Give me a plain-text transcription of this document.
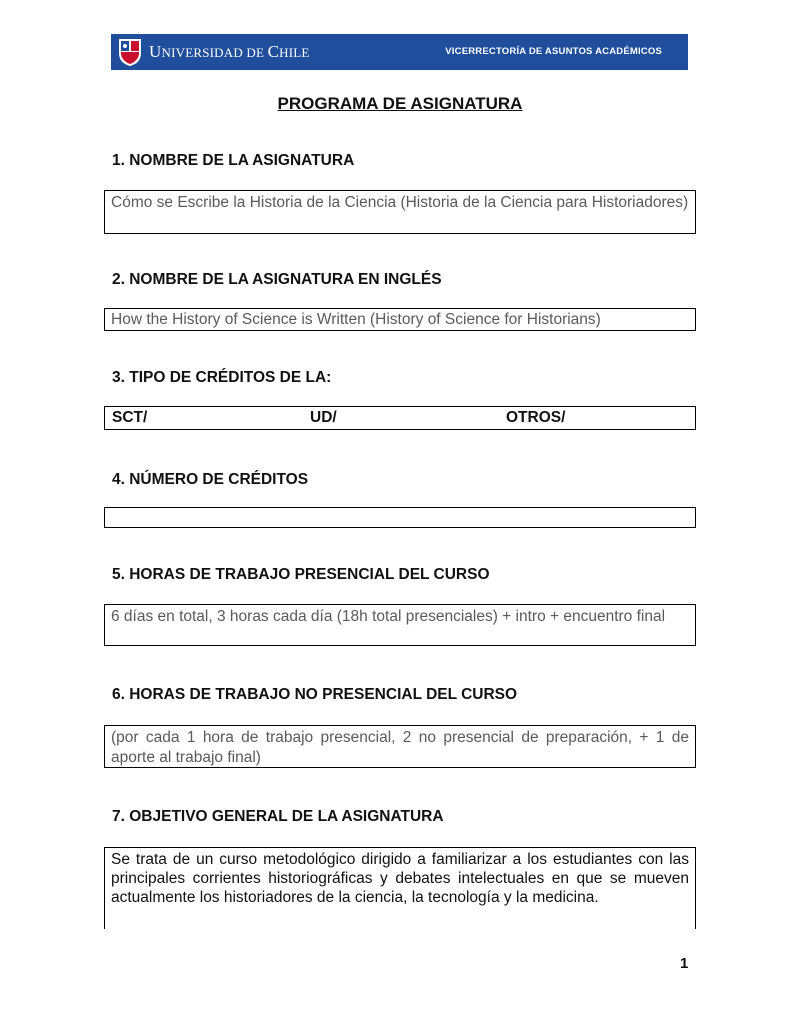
UNIVERSIDAD DE CHILE	VICERRECTORÍA DE ASUNTOS ACADÉMICOS
PROGRAMA DE ASIGNATURA
1. NOMBRE DE LA ASIGNATURA
Cómo se Escribe la Historia de la Ciencia (Historia de la Ciencia para Historiadores)
2. NOMBRE DE LA ASIGNATURA EN INGLÉS
How the History of Science is Written (History of Science for Historians)
3. TIPO DE CRÉDITOS DE LA:
SCT/	UD/	OTROS/
4. NÚMERO DE CRÉDITOS
5. HORAS DE TRABAJO PRESENCIAL DEL CURSO
6 días en total, 3 horas cada día (18h total presenciales) + intro + encuentro final
6. HORAS DE TRABAJO NO PRESENCIAL DEL CURSO
(por cada 1 hora de trabajo presencial, 2 no presencial de preparación, + 1 de aporte al trabajo final)
7. OBJETIVO GENERAL DE LA ASIGNATURA
Se trata de un curso metodológico dirigido a familiarizar a los estudiantes con las principales corrientes historiográficas y debates intelectuales en que se mueven actualmente los historiadores de la ciencia, la tecnología y la medicina.
1
